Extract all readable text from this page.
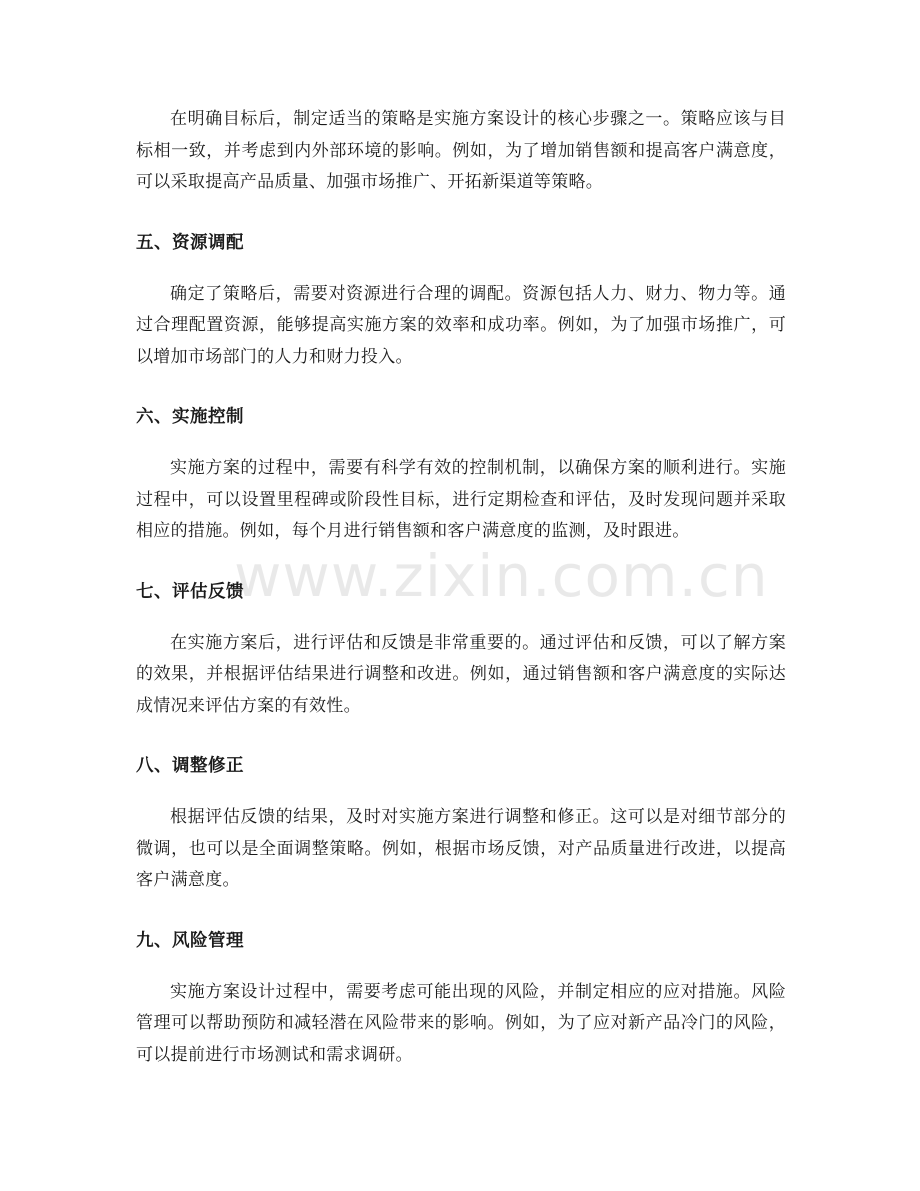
在明确目标后，制定适当的策略是实施方案设计的核心步骤之一。策略应该与目标相一致，并考虑到内外部环境的影响。例如，为了增加销售额和提高客户满意度，可以采取提高产品质量、加强市场推广、开拓新渠道等策略。

五、资源调配

确定了策略后，需要对资源进行合理的调配。资源包括人力、财力、物力等。通过合理配置资源，能够提高实施方案的效率和成功率。例如，为了加强市场推广，可以增加市场部门的人力和财力投入。

六、实施控制

实施方案的过程中，需要有科学有效的控制机制，以确保方案的顺利进行。实施过程中，可以设置里程碑或阶段性目标，进行定期检查和评估，及时发现问题并采取相应的措施。例如，每个月进行销售额和客户满意度的监测，及时跟进。

七、评估反馈

在实施方案后，进行评估和反馈是非常重要的。通过评估和反馈，可以了解方案的效果，并根据评估结果进行调整和改进。例如，通过销售额和客户满意度的实际达成情况来评估方案的有效性。

八、调整修正

根据评估反馈的结果，及时对实施方案进行调整和修正。这可以是对细节部分的微调，也可以是全面调整策略。例如，根据市场反馈，对产品质量进行改进，以提高客户满意度。

九、风险管理

实施方案设计过程中，需要考虑可能出现的风险，并制定相应的应对措施。风险管理可以帮助预防和减轻潜在风险带来的影响。例如，为了应对新产品冷门的风险，可以提前进行市场测试和需求调研。

www.zixin.com.cn
